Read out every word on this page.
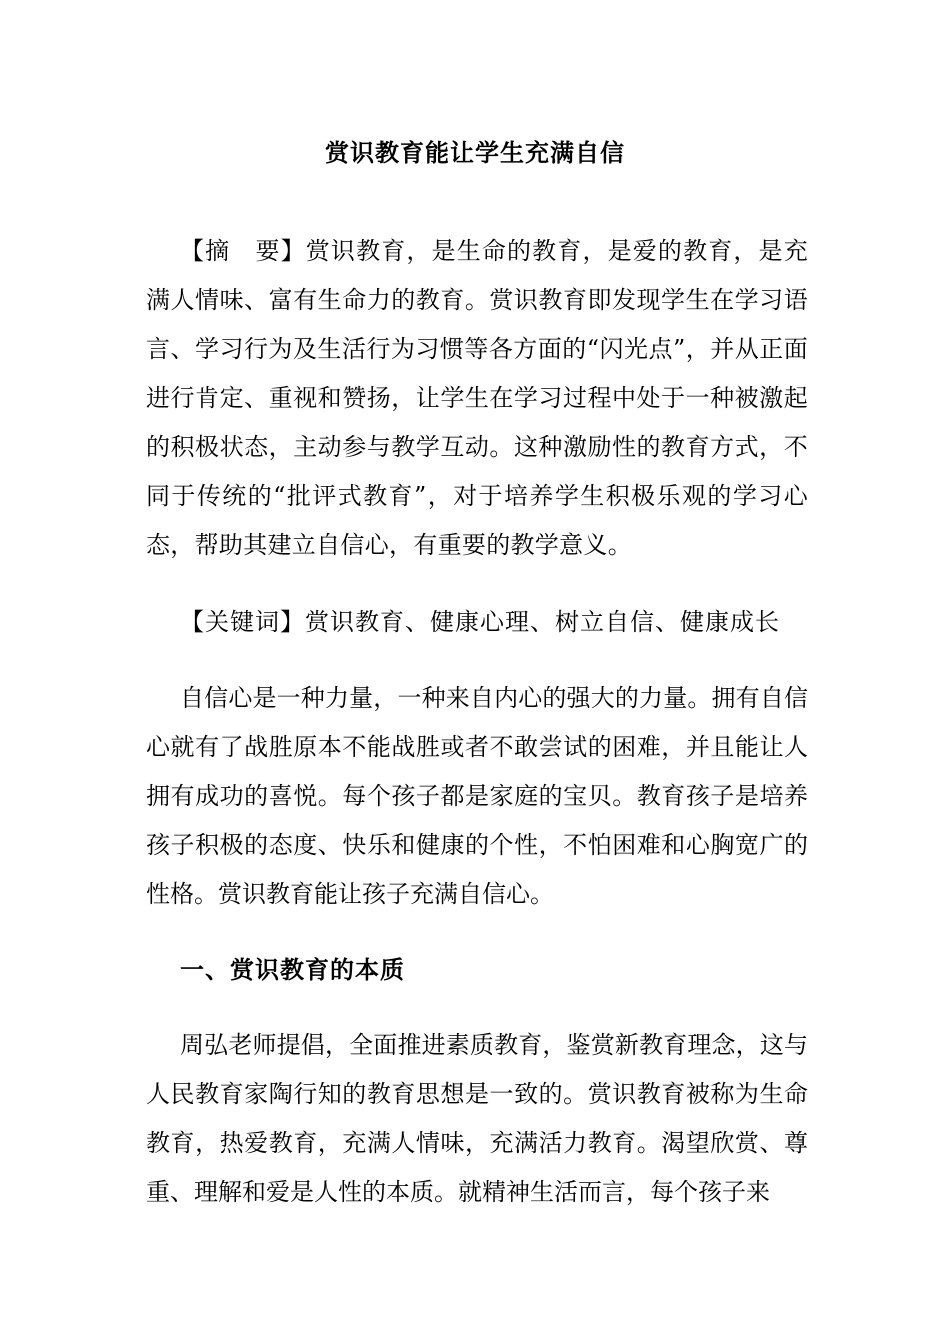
赏识教育能让学生充满自信

【摘　要】赏识教育，是生命的教育，是爱的教育，是充满人情味、富有生命力的教育。赏识教育即发现学生在学习语言、学习行为及生活行为习惯等各方面的“闪光点”，并从正面进行肯定、重视和赞扬，让学生在学习过程中处于一种被激起的积极状态，主动参与教学互动。这种激励性的教育方式，不同于传统的“批评式教育”，对于培养学生积极乐观的学习心态，帮助其建立自信心，有重要的教学意义。

【关键词】赏识教育、健康心理、树立自信、健康成长

自信心是一种力量，一种来自内心的强大的力量。拥有自信心就有了战胜原本不能战胜或者不敢尝试的困难，并且能让人拥有成功的喜悦。每个孩子都是家庭的宝贝。教育孩子是培养孩子积极的态度、快乐和健康的个性，不怕困难和心胸宽广的性格。赏识教育能让孩子充满自信心。

一、赏识教育的本质

周弘老师提倡，全面推进素质教育，鉴赏新教育理念，这与人民教育家陶行知的教育思想是一致的。赏识教育被称为生命教育，热爱教育，充满人情味，充满活力教育。渴望欣赏、尊重、理解和爱是人性的本质。就精神生活而言，每个孩子来
